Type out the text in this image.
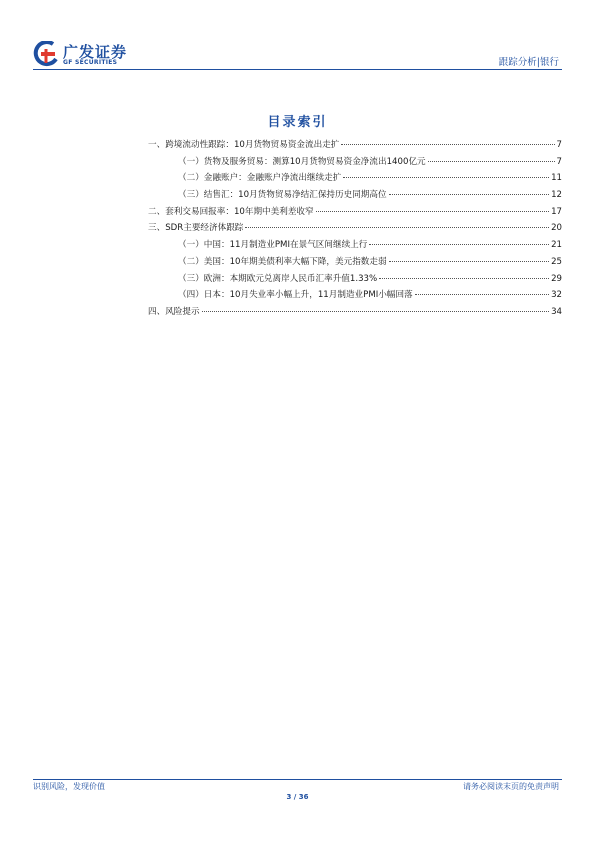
广发证券
GF SECURITIES	跟踪分析|银行
目录索引
一、跨境流动性跟踪：10月货物贸易资金流出走扩	7
（一）货物及服务贸易：测算10月货物贸易资金净流出1400亿元	7
（二）金融账户：金融账户净流出继续走扩	11
（三）结售汇：10月货物贸易净结汇保持历史同期高位	12
二、套利交易回报率：10年期中美利差收窄	17
三、SDR主要经济体跟踪	20
（一）中国：11月制造业PMI在景气区间继续上行	21
（二）美国：10年期美债利率大幅下降，美元指数走弱	25
（三）欧洲：本期欧元兑离岸人民币汇率升值1.33%	29
（四）日本：10月失业率小幅上升，11月制造业PMI小幅回落	32
四、风险提示	34
识别风险，发现价值	请务必阅读末页的免责声明
3 / 36
